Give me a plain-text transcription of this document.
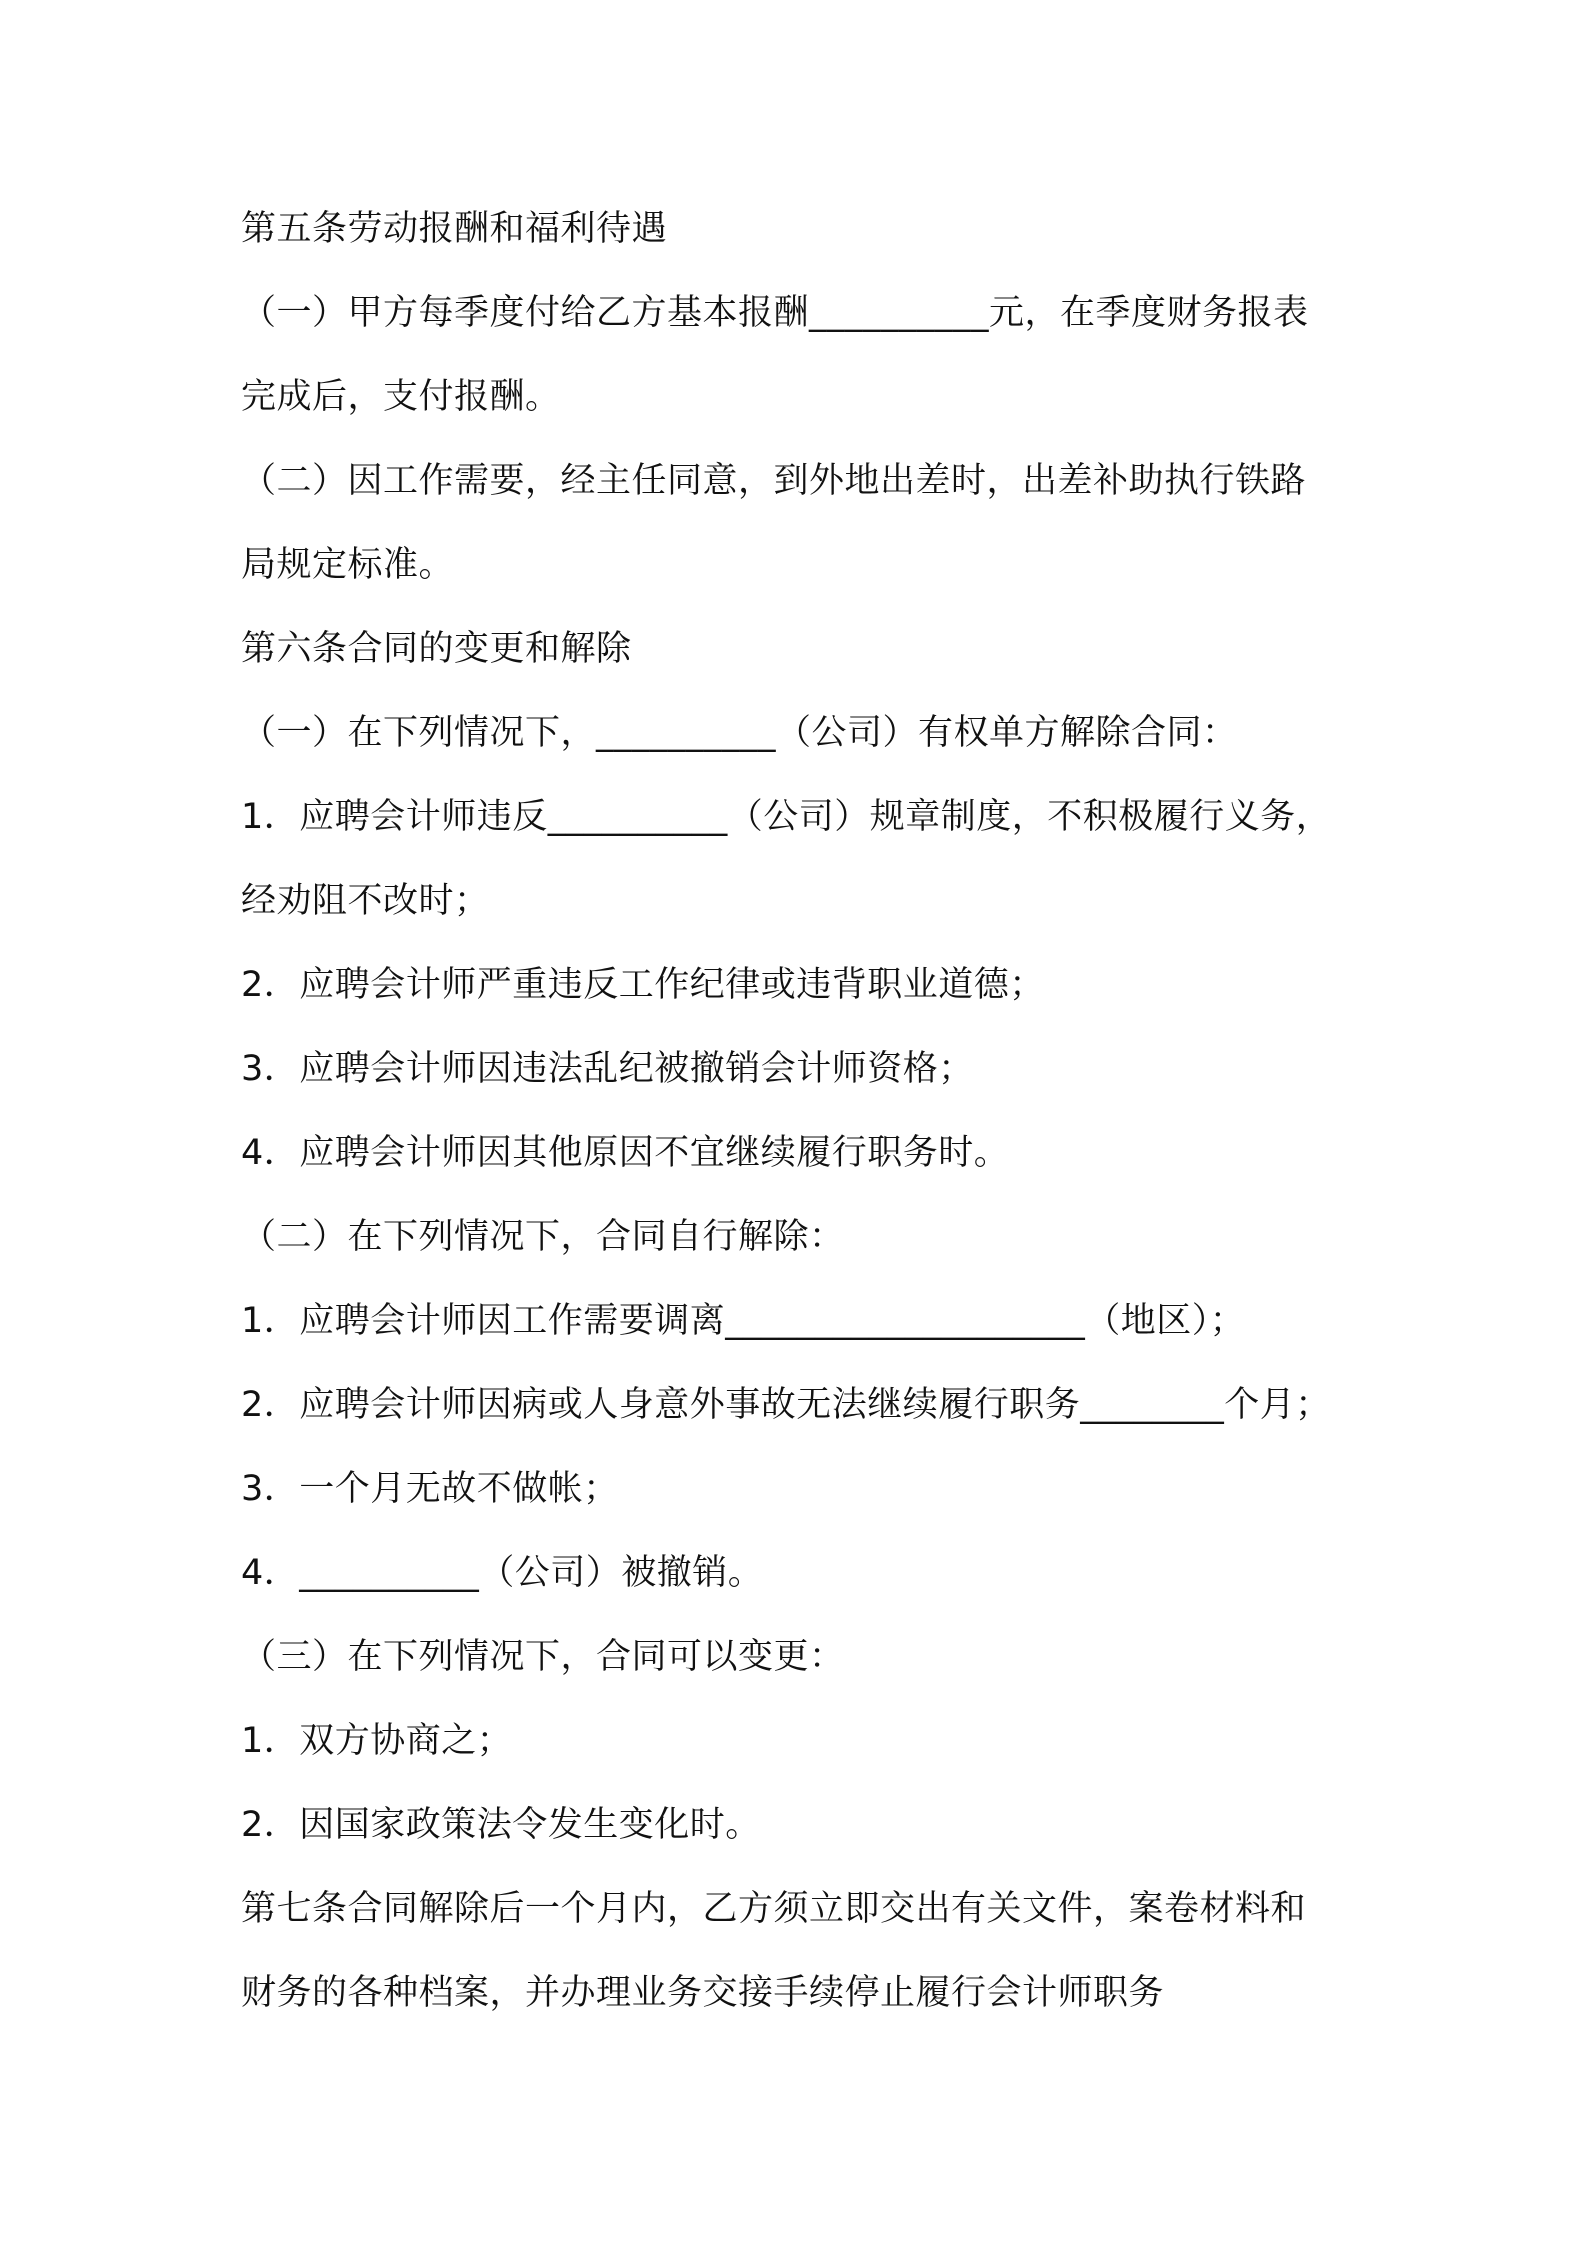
第五条劳动报酬和福利待遇
（一）甲方每季度付给乙方基本报酬__________元，在季度财务报表
完成后，支付报酬。
（二）因工作需要，经主任同意，到外地出差时，出差补助执行铁路
局规定标准。
第六条合同的变更和解除
（一）在下列情况下，__________（公司）有权单方解除合同：
1．应聘会计师违反__________（公司）规章制度，不积极履行义务，
经劝阻不改时；
2．应聘会计师严重违反工作纪律或违背职业道德；
3．应聘会计师因违法乱纪被撤销会计师资格；
4．应聘会计师因其他原因不宜继续履行职务时。
（二）在下列情况下，合同自行解除：
1．应聘会计师因工作需要调离____________________（地区）；
2．应聘会计师因病或人身意外事故无法继续履行职务________个月；
3．一个月无故不做帐；
4．__________（公司）被撤销。
（三）在下列情况下，合同可以变更：
1．双方协商之；
2．因国家政策法令发生变化时。
第七条合同解除后一个月内，乙方须立即交出有关文件，案卷材料和
财务的各种档案，并办理业务交接手续停止履行会计师职务
